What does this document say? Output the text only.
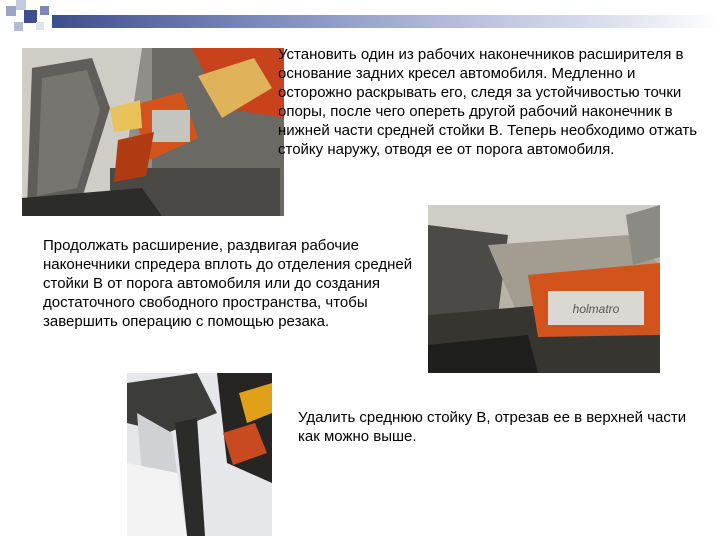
holmatro
Установить один из рабочих наконечников расширителя в основание задних кресел автомобиля. Медленно и осторожно раскрывать его, следя за устойчивостью точки опоры, после чего опереть другой рабочий наконечник в нижней части средней стойки B. Теперь необходимо отжать стойку наружу, отводя ее от порога автомобиля.
Продолжать расширение, раздвигая рабочие наконечники спредера вплоть до отделения средней стойки B от порога автомобиля или до создания достаточного свободного пространства, чтобы завершить операцию с помощью резака.
Удалить среднюю стойку B, отрезав ее в верхней части как можно выше.
